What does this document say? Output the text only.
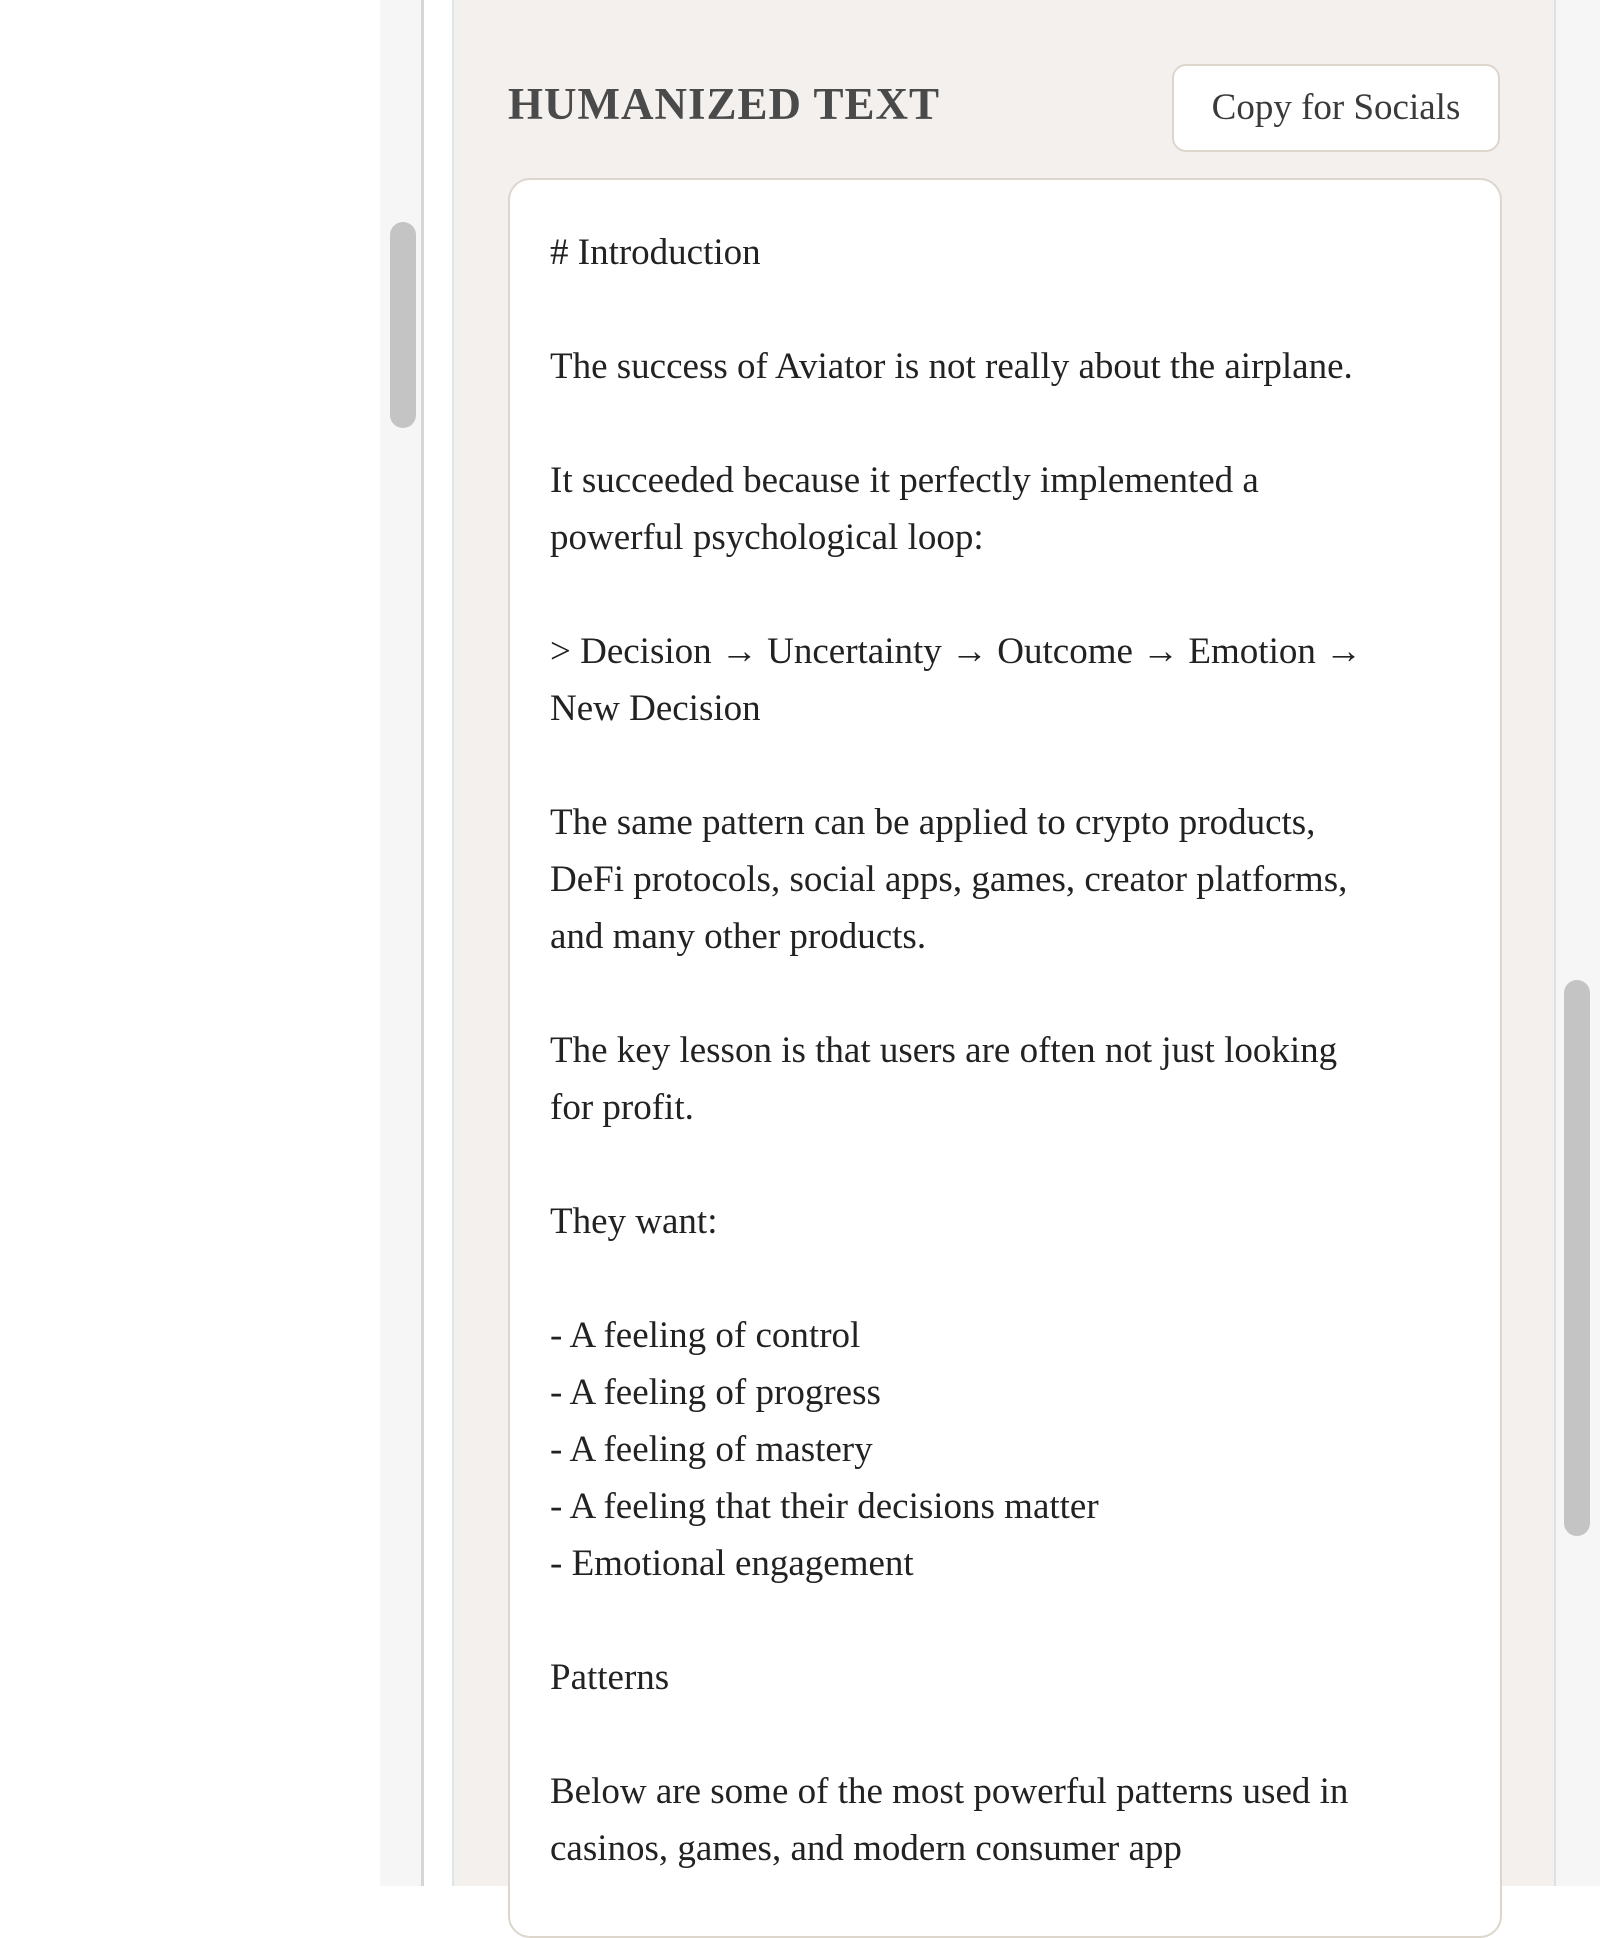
HUMANIZED TEXT	Copy for Socials

# Introduction

The success of Aviator is not really about the airplane.

It succeeded because it perfectly implemented a
powerful psychological loop:

> Decision → Uncertainty → Outcome → Emotion →
New Decision

The same pattern can be applied to crypto products,
DeFi protocols, social apps, games, creator platforms,
and many other products.

The key lesson is that users are often not just looking
for profit.

They want:

- A feeling of control
- A feeling of progress
- A feeling of mastery
- A feeling that their decisions matter
- Emotional engagement

Patterns

Below are some of the most powerful patterns used in
casinos, games, and modern consumer app
